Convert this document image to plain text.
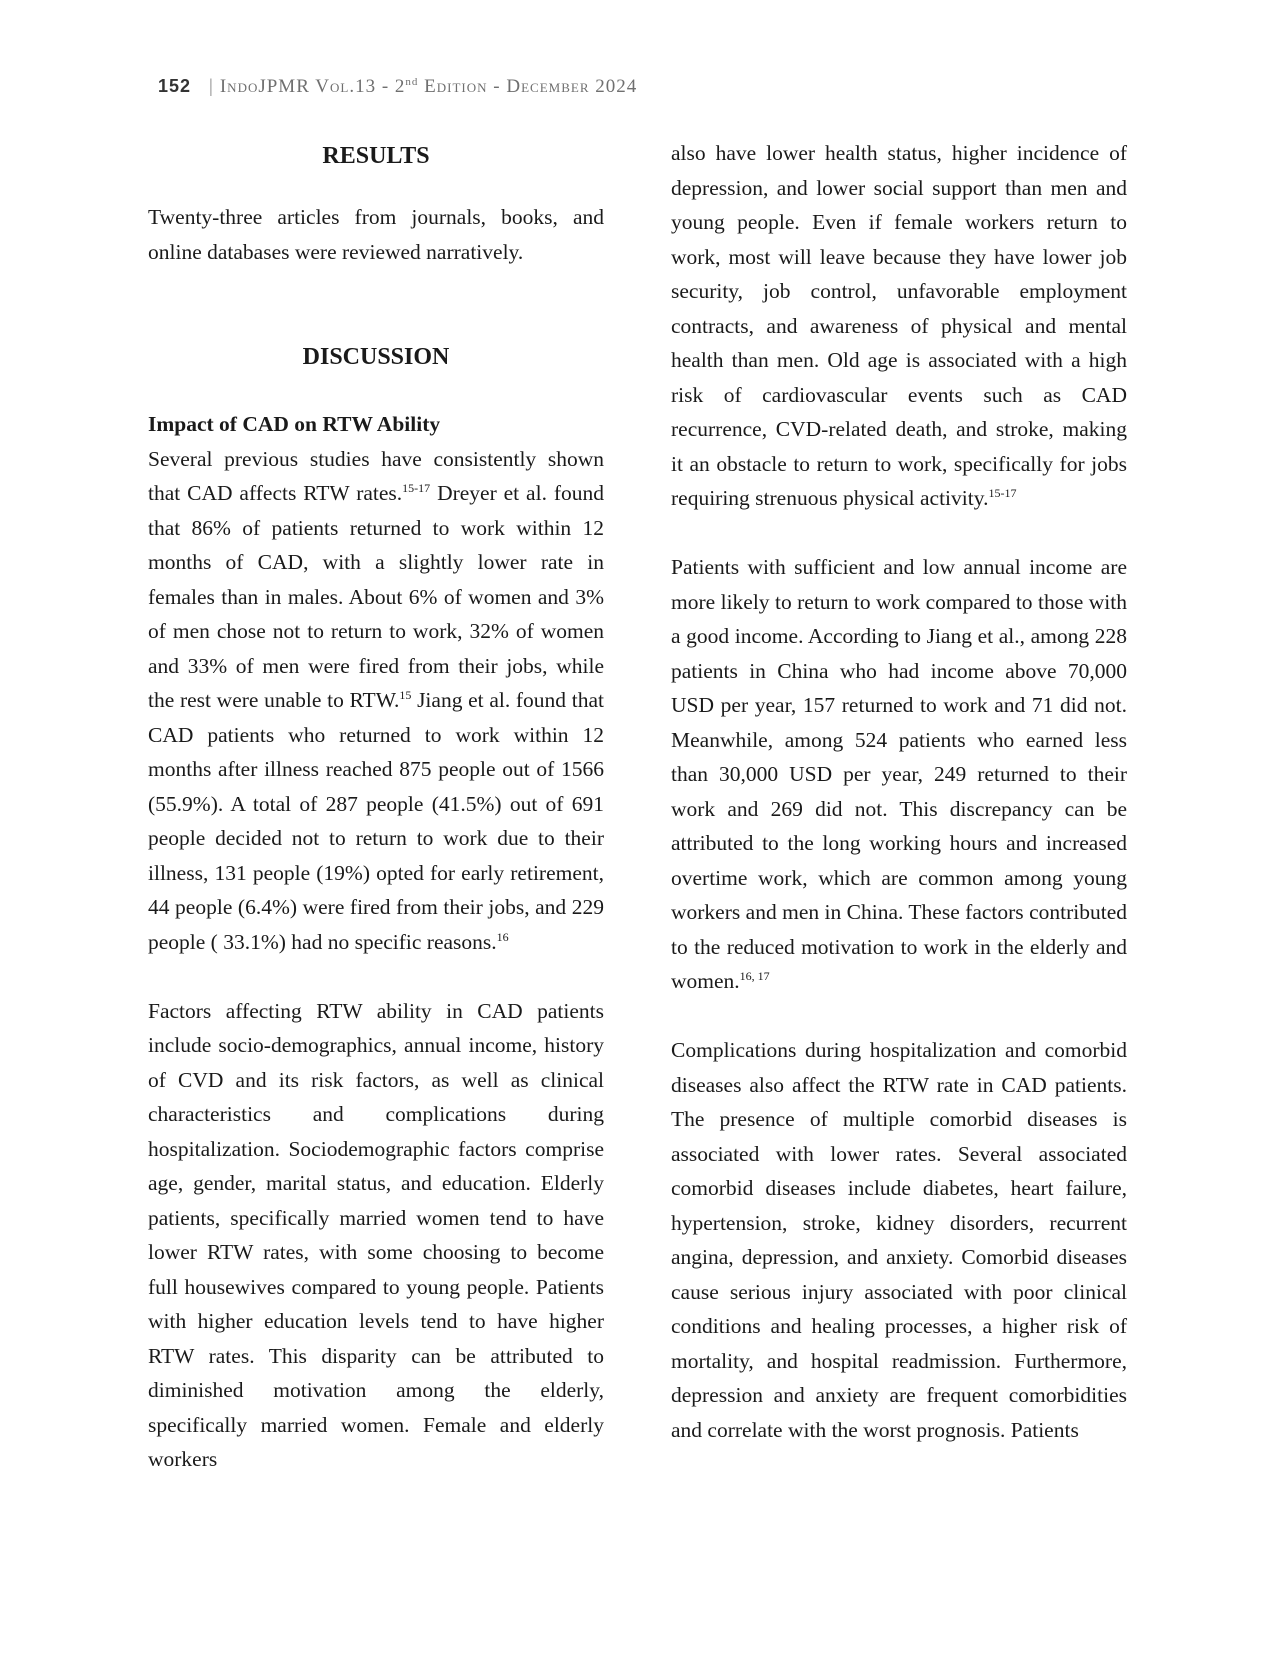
152 | IndoJPMR Vol.13 - 2nd Edition - December 2024
RESULTS

Twenty-three articles from journals, books, and online databases were reviewed narratively.

DISCUSSION
Impact of CAD on RTW Ability

Several previous studies have consistently shown that CAD affects RTW rates.$^{15-17}$ Dreyer et al. found that 86% of patients returned to work within 12 months of CAD, with a slightly lower rate in females than in males. About 6% of women and 3% of men chose not to return to work, 32% of women and 33% of men were fired from their jobs, while the rest were unable to RTW.$^{15}$ Jiang et al. found that CAD patients who returned to work within 12 months after illness reached 875 people out of 1566 (55.9%). A total of 287 people (41.5%) out of 691 people decided not to return to work due to their illness, 131 people (19%) opted for early retirement, 44 people (6.4%) were fired from their jobs, and 229 people ( 33.1%) had no specific reasons.$^{16}$

Factors affecting RTW ability in CAD patients include socio-demographics, annual income, history of CVD and its risk factors, as well as clinical characteristics and complications during hospitalization. Sociodemographic factors comprise age, gender, marital status, and education. Elderly patients, specifically married women tend to have lower RTW rates, with some choosing to become full housewives compared to young people. Patients with higher education levels tend to have higher RTW rates. This disparity can be attributed to diminished motivation among the elderly, specifically married women. Female and elderly workers

also have lower health status, higher incidence of depression, and lower social support than men and young people. Even if female workers return to work, most will leave because they have lower job security, job control, unfavorable employment contracts, and awareness of physical and mental health than men. Old age is associated with a high risk of cardiovascular events such as CAD recurrence, CVD-related death, and stroke, making it an obstacle to return to work, specifically for jobs requiring strenuous physical activity.$^{15-17}$

Patients with sufficient and low annual income are more likely to return to work compared to those with a good income. According to Jiang et al., among 228 patients in China who had income above 70,000 USD per year, 157 returned to work and 71 did not. Meanwhile, among 524 patients who earned less than 30,000 USD per year, 249 returned to their work and 269 did not. This discrepancy can be attributed to the long working hours and increased overtime work, which are common among young workers and men in China. These factors contributed to the reduced motivation to work in the elderly and women.$^{16, 17}$

Complications during hospitalization and comorbid diseases also affect the RTW rate in CAD patients. The presence of multiple comorbid diseases is associated with lower rates. Several associated comorbid diseases include diabetes, heart failure, hypertension, stroke, kidney disorders, recurrent angina, depression, and anxiety. Comorbid diseases cause serious injury associated with poor clinical conditions and healing processes, a higher risk of mortality, and hospital readmission. Furthermore, depression and anxiety are frequent comorbidities and correlate with the worst prognosis. Patients
